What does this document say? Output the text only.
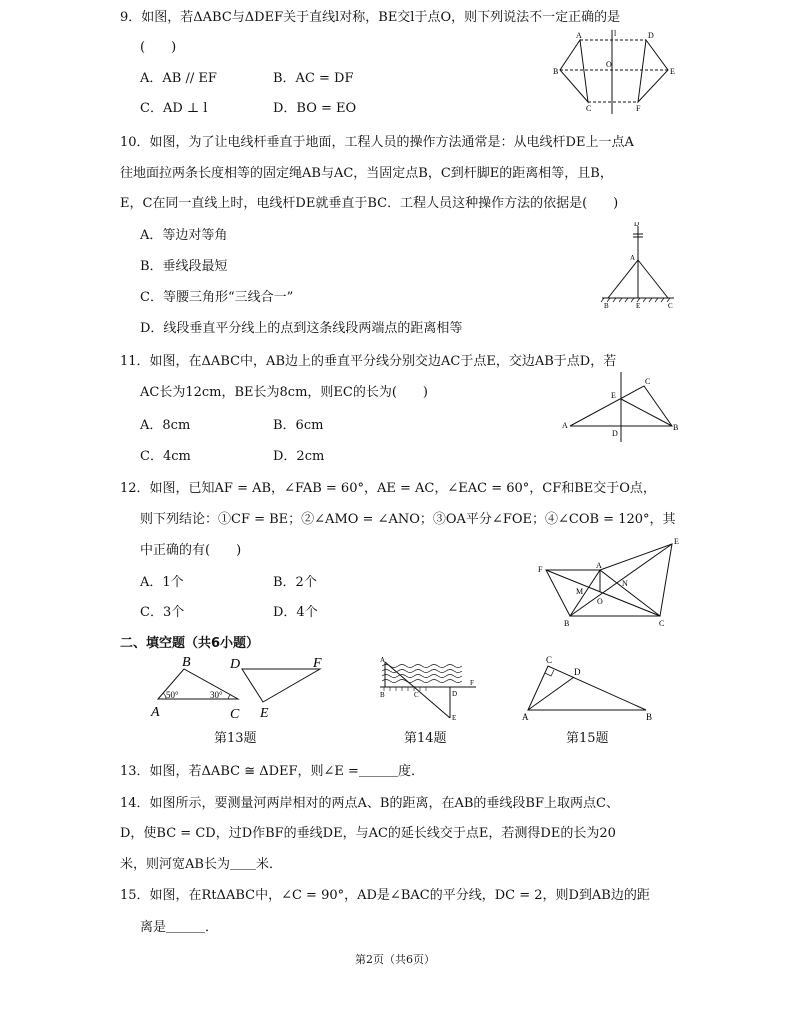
9．如图，若ΔABC与ΔDEF关于直线l对称，BE交l于点O，则下列说法不一定正确的是
(　　)
A．AB // EF	B．AC = DF
C．AD ⊥ l	D．BO = EO
A	l	D
B
O
E
C	F
10．如图，为了让电线杆垂直于地面，工程人员的操作方法通常是：从电线杆DE上一点A
往地面拉两条长度相等的固定绳AB与AC，当固定点B，C到杆脚E的距离相等，且B，
E，C在同一直线上时，电线杆DE就垂直于BC．工程人员这种操作方法的依据是(　　)
A．等边对等角
B．垂线段最短
C．等腰三角形“三线合一”
D．线段垂直平分线上的点到这条线段两端点的距离相等
D
A
B	E	C
11．如图，在ΔABC中，AB边上的垂直平分线分别交边AC于点E，交边AB于点D，若
AC长为12cm，BE长为8cm，则EC的长为(　　)
A．8cm	B．6cm
C．4cm	D．2cm
C
E
A
D
B
12．如图，已知AF = AB，∠FAB = 60°，AE = AC，∠EAC = 60°，CF和BE交于O点，
则下列结论：①CF = BE；②∠AMO = ∠ANO；③OA平分∠FOE；④∠COB = 120°，其
中正确的有(　　)
A．1个	B．2个
C．3个	D．4个
E
F	A
N
M
O
B	C
二、填空题（共6小题）
B	D	F
50°	30°
A	C E
A
B	C	D
F
E
C
D
A	B
第13题	第14题	第15题
13．如图，若ΔABC ≅ ΔDEF，则∠E =＿＿＿度．
14．如图所示，要测量河两岸相对的两点A、B的距离，在AB的垂线段BF上取两点C、
D，使BC = CD，过D作BF的垂线DE，与AC的延长线交于点E，若测得DE的长为20
米，则河宽AB长为＿＿米．
15．如图，在RtΔABC中，∠C = 90°，AD是∠BAC的平分线，DC = 2，则D到AB边的距
离是＿＿＿．
第2页（共6页）
